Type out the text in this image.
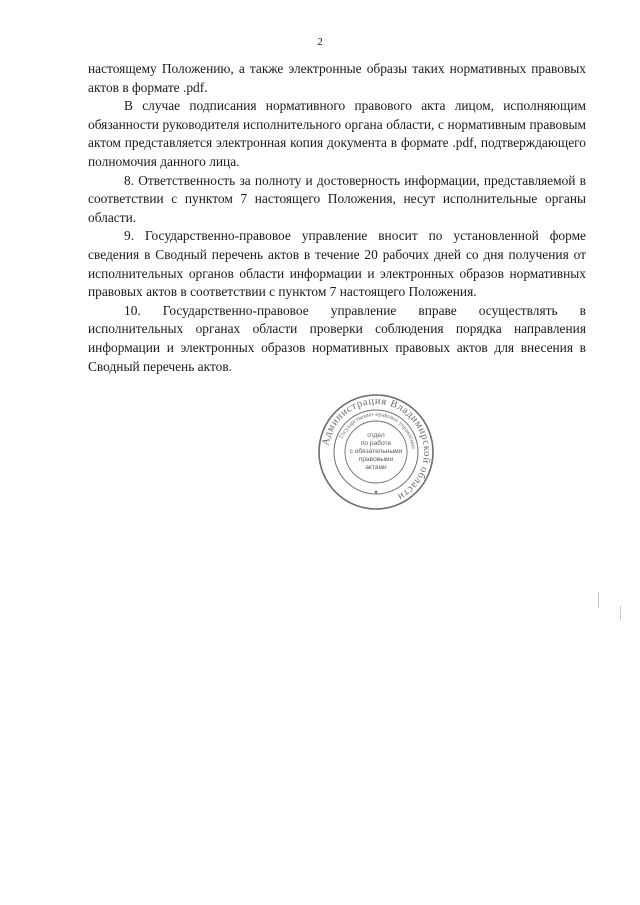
2

настоящему Положению, а также электронные образы таких нормативных правовых актов в формате .pdf.

В случае подписания нормативного правового акта лицом, исполняющим обязанности руководителя исполнительного органа области, с нормативным правовым актом представляется электронная копия документа в формате .pdf, подтверждающего полномочия данного лица.

8. Ответственность за полноту и достоверность информации, представляемой в соответствии с пунктом 7 настоящего Положения, несут исполнительные органы области.

9. Государственно-правовое управление вносит по установленной форме сведения в Сводный перечень актов в течение 20 рабочих дней со дня получения от исполнительных органов области информации и электронных образов нормативных правовых актов в соответствии с пунктом 7 настоящего Положения.

10. Государственно-правовое управление вправе осуществлять в исполнительных органах области проверки соблюдения порядка направления информации и электронных образов нормативных правовых актов для внесения в Сводный перечень актов.

Администрация Владимирской области
Государственно-правовое управление
отдел
по работе
с обязательными
правовыми
актами
